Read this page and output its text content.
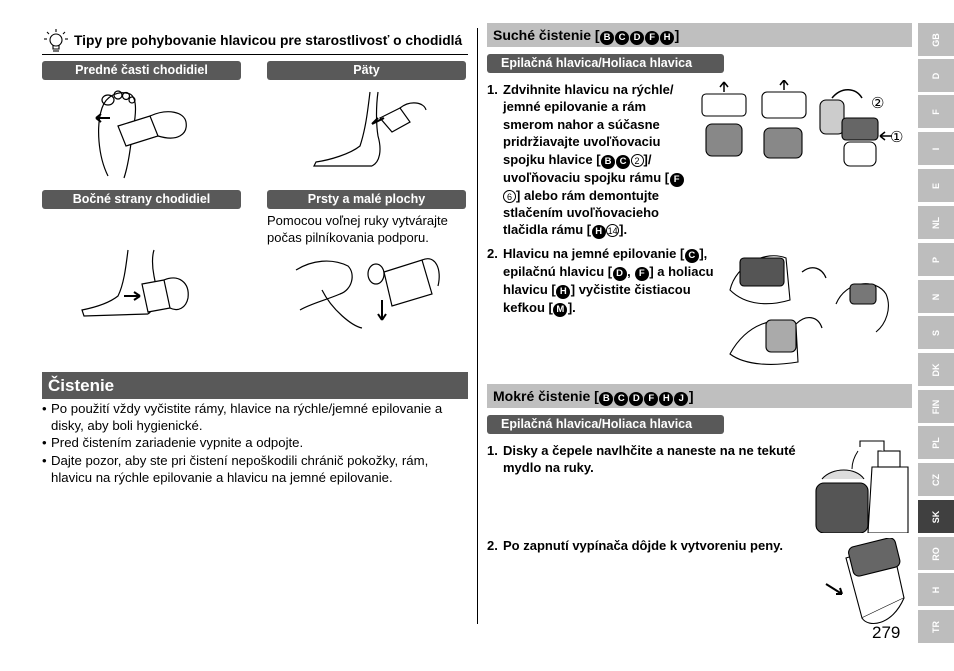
Tipy pre pohybovanie hlavicou pre starostlivosť o chodidlá
Predné časti chodidiel	Päty
Bočné strany chodidiel	Prsty a malé plochy
Pomocou voľnej ruky vytvárajte počas pilníkovania podporu.
Čistenie
• Po použití vždy vyčistite rámy, hlavice na rýchle/jemné epilovanie a disky, aby boli hygienické.
• Pred čistením zariadenie vypnite a odpojte.
• Dajte pozor, aby ste pri čistení nepoškodili chránič pokožky, rám, hlavicu na rýchle epilovanie a hlavicu na jemné epilovanie.
Suché čistenie [ B C D F H ]
Epilačná hlavica/Holiaca hlavica
1. Zdvihnite hlavicu na rýchle/ jemné epilovanie a rám smerom nahor a súčasne pridržiavajte uvoľňovaciu spojku hlavice [ B C 2 ]/ uvoľňovaciu spojku rámu [ F6 ] alebo rám demontujte stlačením uvoľňovacieho tlačidla rámu [ H 14 ].
2. Hlavicu na jemné epilovanie [ C ], epilačnú hlavicu [ D , F ] a holiacu hlavicu [ H ] vyčistite čistiacou kefkou [ M ].
②
①
Mokré čistenie [ B C D F H J ]
Epilačná hlavica/Holiaca hlavica
1. Disky a čepele navlhčite a naneste na ne tekuté mydlo na ruky.
2. Po zapnutí vypínača dôjde k vytvoreniu peny.
279
GB
D
F
I
E
NL
P
N
S
DK
FIN
PL
CZ
SK
RO
H
TR
